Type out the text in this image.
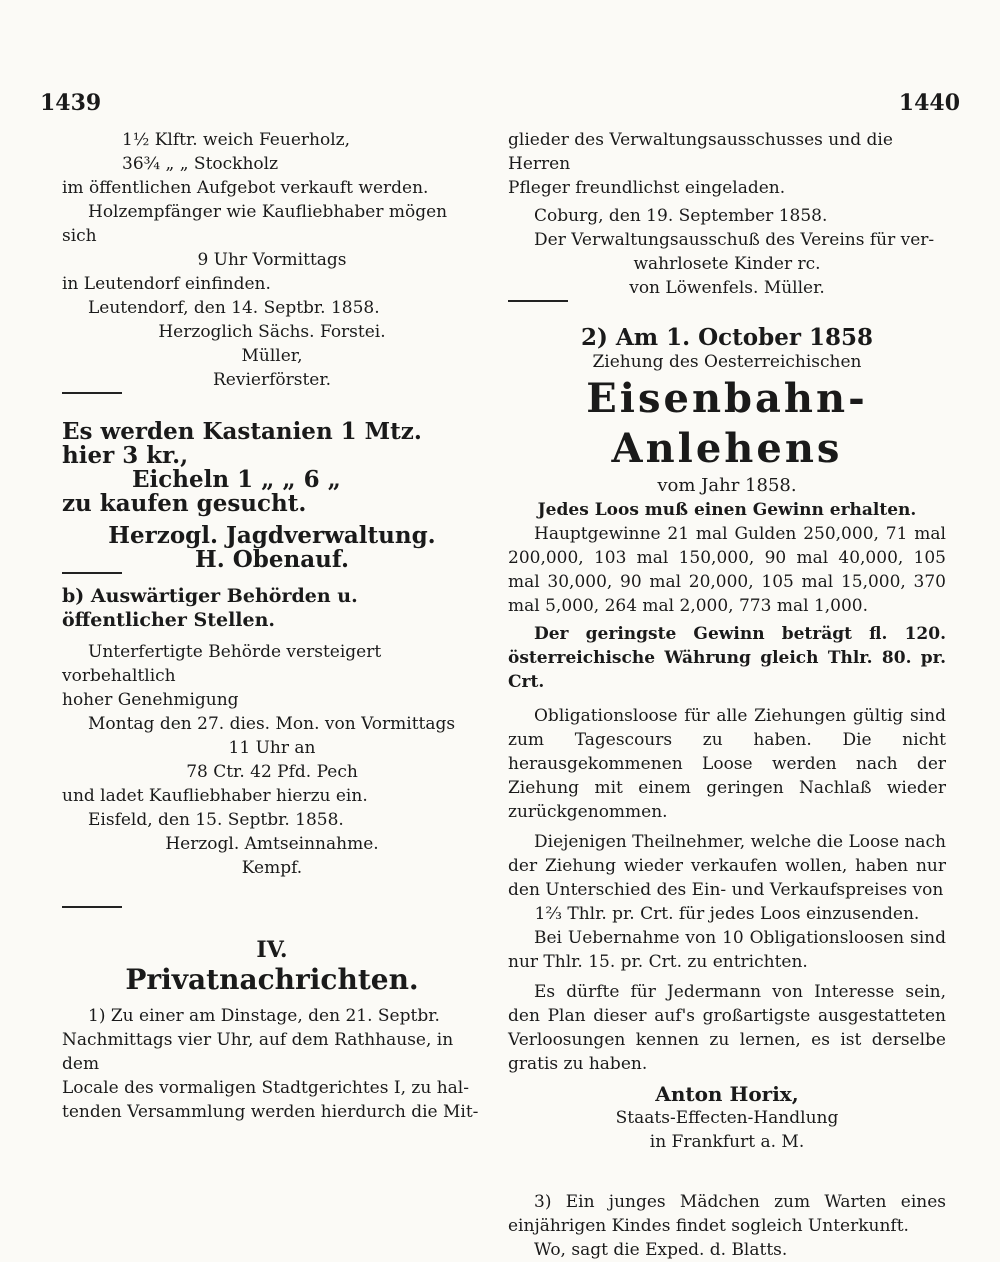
1439	1440

1½ Klftr. weich Feuerholz,

36¾ „ „ Stockholz

im öffentlichen Aufgebot verkauft werden.

Holzempfänger wie Kaufliebhaber mögen sich

9 Uhr Vormittags

in Leutendorf einfinden.

Leutendorf, den 14. Septbr. 1858.

Herzoglich Sächs. Forstei.

Müller,

Revierförster.

Es werden Kastanien 1 Mtz. hier 3 kr.,

Eicheln 1 „ „ 6 „

zu kaufen gesucht.

Herzogl. Jagdverwaltung.

H. Obenauf.

b) Auswärtiger Behörden u. öffentlicher Stellen.

Unterfertigte Behörde versteigert vorbehaltlich

hoher Genehmigung

Montag den 27. dies. Mon. von Vormittags

11 Uhr an

78 Ctr. 42 Pfd. Pech

und ladet Kaufliebhaber hierzu ein.

Eisfeld, den 15. Septbr. 1858.

Herzogl. Amtseinnahme.

Kempf.

IV.

Privatnachrichten.

1) Zu einer am Dinstage, den 21. Septbr.

Nachmittags vier Uhr, auf dem Rathhause, in dem

Locale des vormaligen Stadtgerichtes I, zu hal-

tenden Versammlung werden hierdurch die Mit-

glieder des Verwaltungsausschusses und die Herren

Pfleger freundlichst eingeladen.

Coburg, den 19. September 1858.

Der Verwaltungsausschuß des Vereins für ver-

wahrlosete Kinder rc.

von Löwenfels. Müller.

2) Am 1. October 1858

Ziehung des Oesterreichischen

Eisenbahn-Anlehens

vom Jahr 1858.

Jedes Loos muß einen Gewinn erhalten.

Hauptgewinne 21 mal Gulden 250,000, 71 mal 200,000, 103 mal 150,000, 90 mal 40,000, 105 mal 30,000, 90 mal 20,000, 105 mal 15,000, 370 mal 5,000, 264 mal 2,000, 773 mal 1,000.

Der geringste Gewinn beträgt fl. 120. österreichische Währung gleich Thlr. 80. pr. Crt.

Obligationsloose für alle Ziehungen gültig sind zum Tagescours zu haben. Die nicht herausgekommenen Loose werden nach der Ziehung mit einem geringen Nachlaß wieder zurückgenommen.

Diejenigen Theilnehmer, welche die Loose nach der Ziehung wieder verkaufen wollen, haben nur den Unterschied des Ein- und Verkaufspreises von

1⅔ Thlr. pr. Crt. für jedes Loos einzusenden.

Bei Uebernahme von 10 Obligationsloosen sind nur Thlr. 15. pr. Crt. zu entrichten.

Es dürfte für Jedermann von Interesse sein, den Plan dieser auf's großartigste ausgestatteten Verloosungen kennen zu lernen, es ist derselbe gratis zu haben.

Anton Horix,

Staats-Effecten-Handlung

in Frankfurt a. M.

3) Ein junges Mädchen zum Warten eines einjährigen Kindes findet sogleich Unterkunft.

Wo, sagt die Exped. d. Blatts.
